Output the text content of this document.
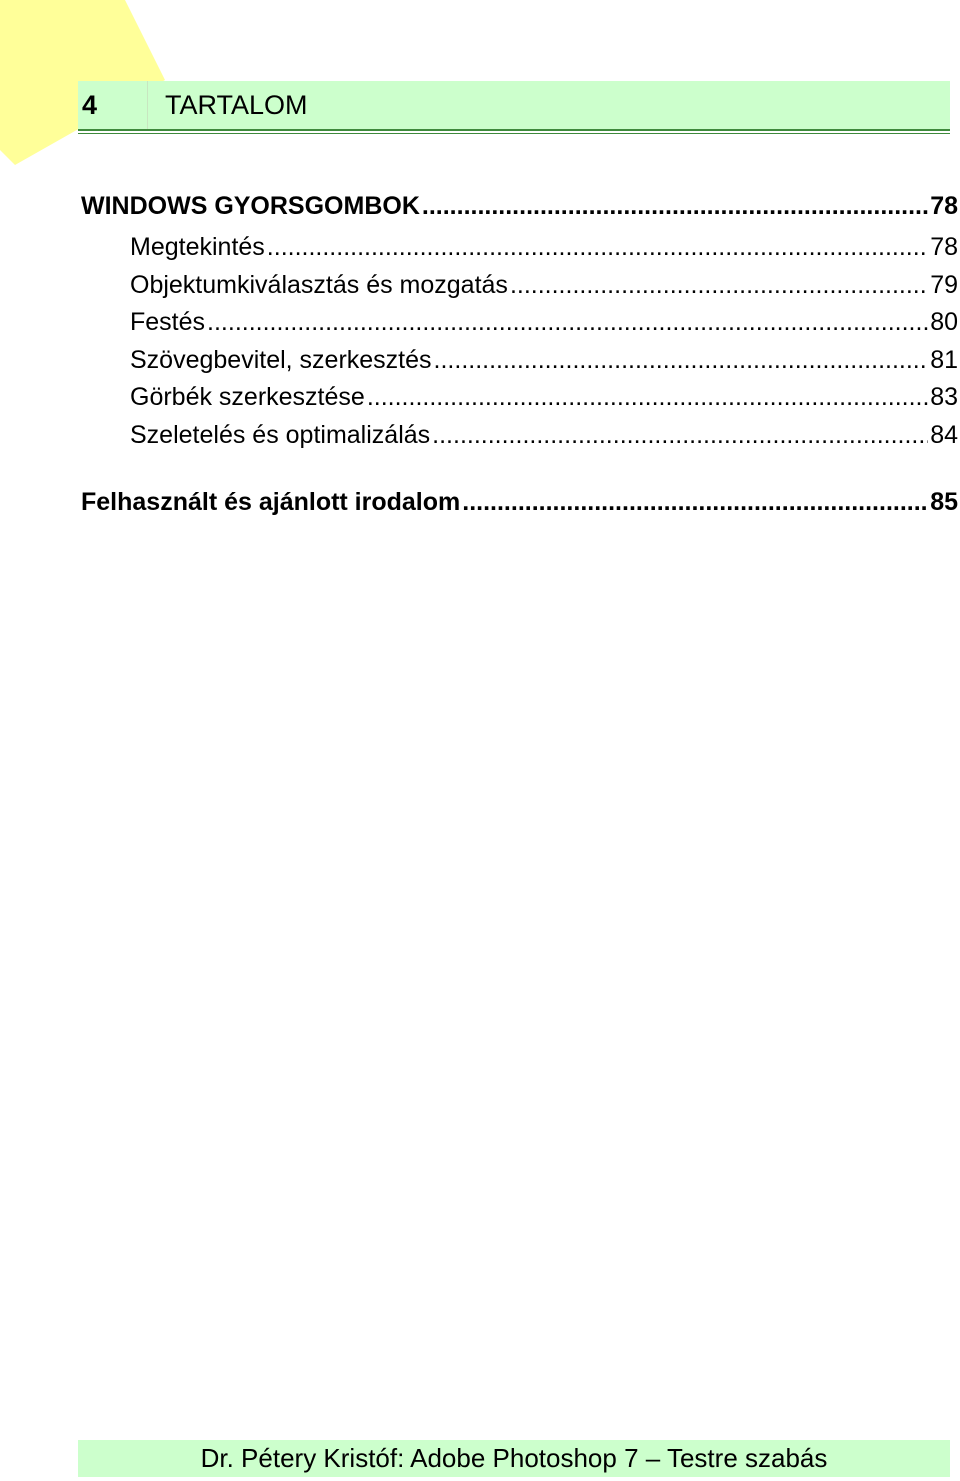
4	TARTALOM
WINDOWS GYORSGOMBOK .....	78
Megtekintés .....	78
Objektumkiválasztás és mozgatás .....	79
Festés .....	80
Szövegbevitel, szerkesztés .....	81
Görbék szerkesztése .....	83
Szeletelés és optimalizálás .....	84
Felhasznált és ajánlott irodalom .....	85
Dr. Pétery Kristóf: Adobe Photoshop 7 – Testre szabás
